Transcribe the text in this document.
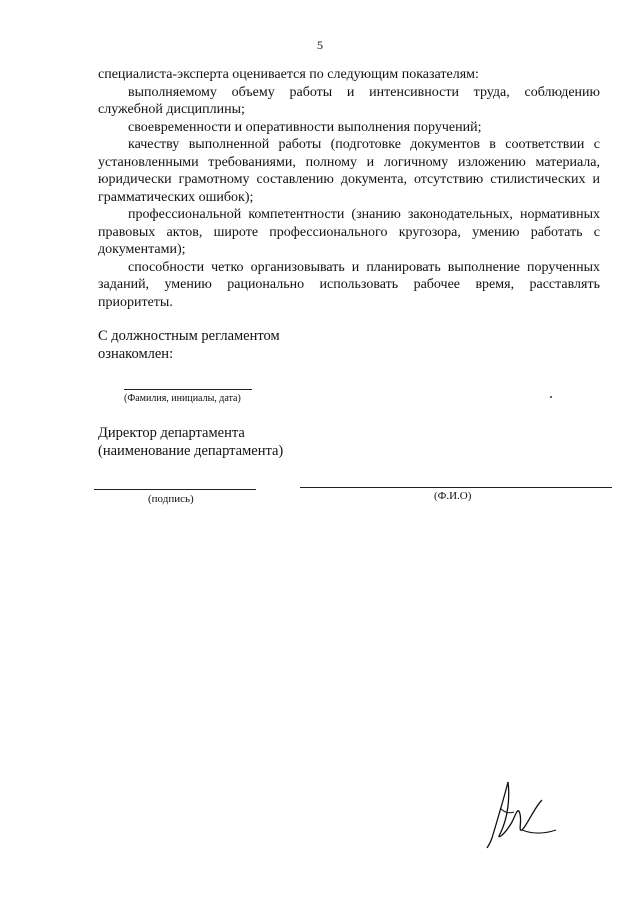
5

специалиста-эксперта оценивается по следующим показателям:

выполняемому объему работы и интенсивности труда, соблюдению служебной дисциплины;

своевременности и оперативности выполнения поручений;

качеству выполненной работы (подготовке документов в соответствии с установленными требованиями, полному и логичному изложению материала, юридически грамотному составлению документа, отсутствию стилистических и грамматических ошибок);

профессиональной компетентности (знанию законодательных, нормативных правовых актов, широте профессионального кругозора, умению работать с документами);

способности четко организовывать и планировать выполнение порученных заданий, умению рационально использовать рабочее время, расставлять приоритеты.

С должностным регламентом
ознакомлен:
(Фамилия, инициалы, дата)
Директор департамента
(наименование департамента)
(подпись)	(Ф.И.О)
